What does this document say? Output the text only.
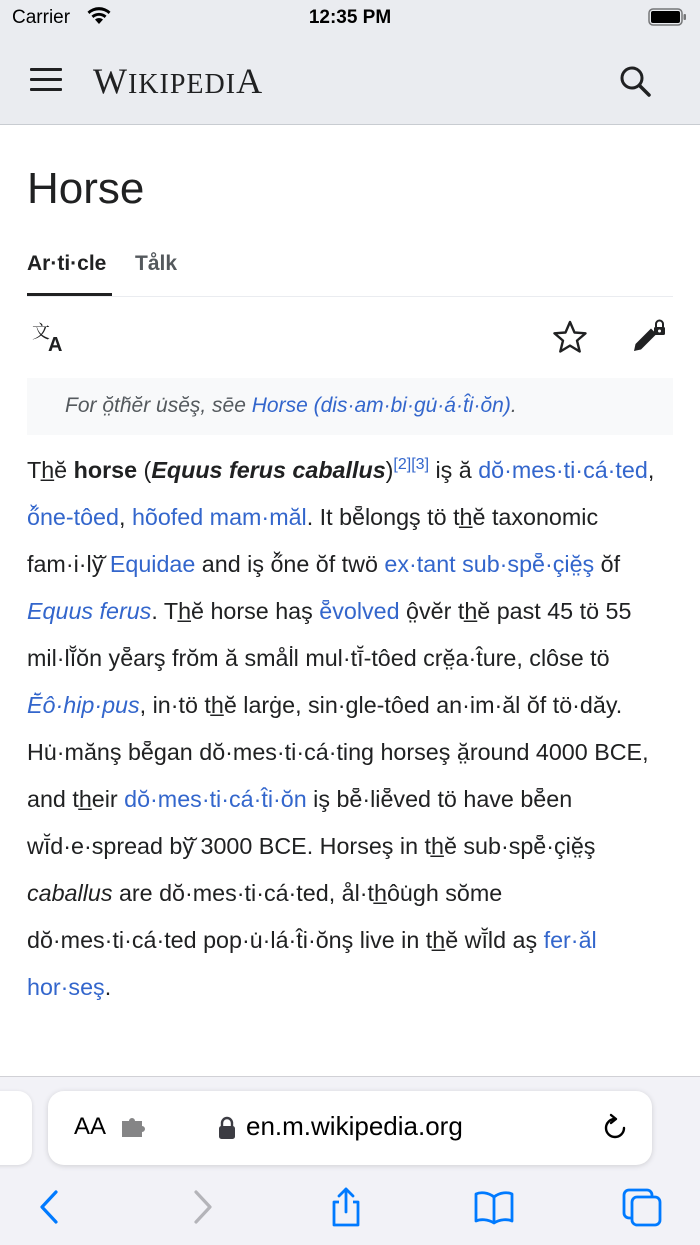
Carrier	12:35 PM
WIKIPEDIA
Horse
Ar·ti·cle Tålk
文
A

For ŏ̤th̆ĕr u̇sĕş, sēe Horse (dis·am·bi·gu̇·á·t̂i·ŏn).

Th̲ĕ horse (Equus ferus caballus)[2][3] iş ă dŏ·mes·ti·cá·ted, ő̆ne-tôed, hõofed mam·măl. It bĕ̄longş tö th̲ĕ taxonomic fam·i·lў̆ Equidae and iş ő̆ne ŏf twö ex·tant sub·spĕ̄·çiĕ̤ş ŏf Equus ferus. Th̲ĕ horse haş ĕ̄volved ô̤vĕr th̲ĕ past 45 tö 55 mil·lĭ̆ŏn yĕ̄arş frŏm ă smål̇l mul·tī̆-tôed crĕ̤a·t̂ure, clôse tö Ē̆ô·hip·pus, in·tö th̲ĕ larġe, sin·gle-tôed an·im·ăl ŏf tö·dăy. Hu̇·mănş bĕ̄gan dŏ·mes·ti·cá·ting horseş ă̤round 4000 BCE, and th̲eir dŏ·mes·ti·cá·t̂i·ŏn iş bĕ̄·liĕ̄ved tö have bĕ̄en wī̆d·e·spread bў̆ 3000 BCE. Horseş in th̲ĕ sub·spĕ̄·çiĕ̤ş caballus are dŏ·mes·ti·cá·ted, ål·th̲ôu̇gh sŏme dŏ·mes·ti·cá·ted pop·u̇·lá·t̂i·ŏnş live in th̲ĕ wī̆ld aş fer·ăl hor·seş.

AA	en.m.wikipedia.org
